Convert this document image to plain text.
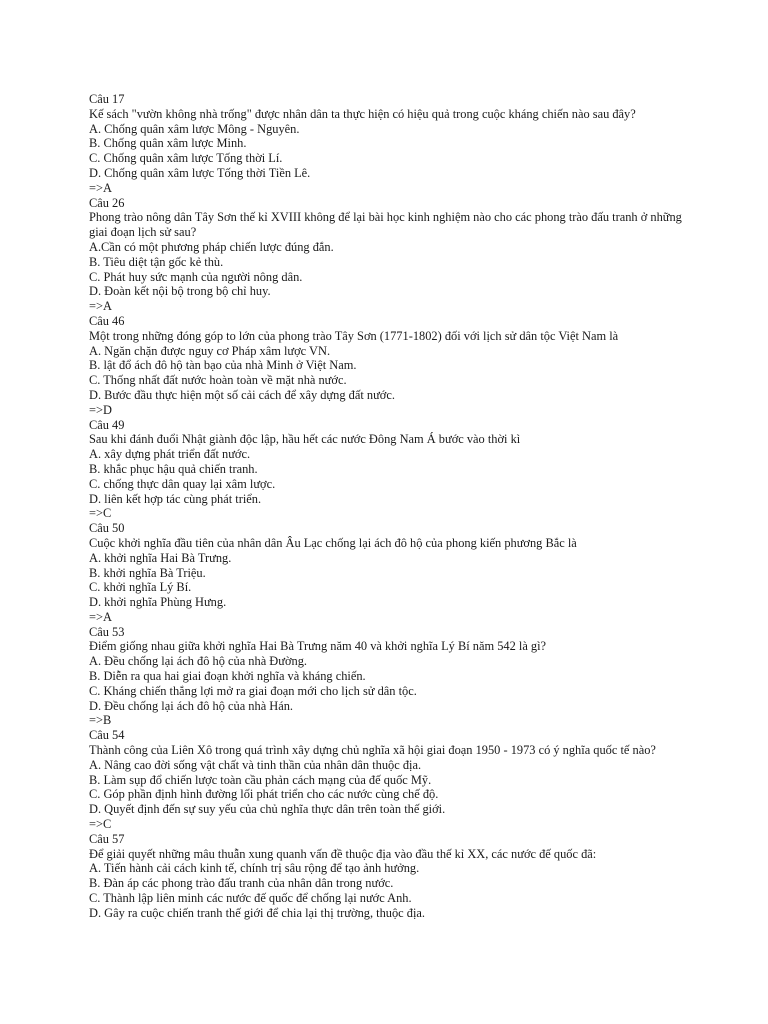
Câu 17
Kế sách "vườn không nhà trống" được nhân dân ta thực hiện có hiệu quả trong cuộc kháng chiến nào sau đây?
A. Chống quân xâm lược Mông - Nguyên.
B. Chống quân xâm lược Minh.
C. Chống quân xâm lược Tống thời Lí.
D. Chống quân xâm lược Tống thời Tiền Lê.
=>A
Câu 26
Phong trào nông dân Tây Sơn thế kỉ XVIII không để lại bài học kinh nghiệm nào cho các phong trào đấu tranh ở những giai đoạn lịch sử sau?
A.Cần có một phương pháp chiến lược đúng đắn.
B. Tiêu diệt tận gốc kẻ thù.
C. Phát huy sức mạnh của người nông dân.
D. Đoàn kết nội bộ trong bộ chỉ huy.
=>A
Câu 46
Một trong những đóng góp to lớn của phong trào Tây Sơn (1771-1802) đối với lịch sử dân tộc Việt Nam là
A. Ngăn chặn được nguy cơ Pháp xâm lược VN.
B. lật đổ ách đô hộ tàn bạo của nhà Minh ở Việt Nam.
C. Thống nhất đất nước hoàn toàn về mặt nhà nước.
D. Bước đầu thực hiện một số cải cách để xây dựng đất nước.
=>D
Câu 49
Sau khi đánh đuổi Nhật giành độc lập, hầu hết các nước Đông Nam Á bước vào thời kì
A. xây dựng phát triển đất nước.
B. khắc phục hậu quả chiến tranh.
C. chống thực dân quay lại xâm lược.
D. liên kết hợp tác cùng phát triển.
=>C
Câu 50
Cuộc khởi nghĩa đầu tiên của nhân dân Âu Lạc chống lại ách đô hộ của phong kiến phương Bắc là
A. khởi nghĩa Hai Bà Trưng.
B. khởi nghĩa Bà Triệu.
C. khởi nghĩa Lý Bí.
D. khởi nghĩa Phùng Hưng.
=>A
Câu 53
Điểm giống nhau giữa khởi nghĩa Hai Bà Trưng năm 40 và khởi nghĩa Lý Bí năm 542 là gì?
A. Đều chống lại ách đô hộ của nhà Đường.
B. Diễn ra qua hai giai đoạn khởi nghĩa và kháng chiến.
C. Kháng chiến thắng lợi mở ra giai đoạn mới cho lịch sử dân tộc.
D. Đều chống lại ách đô hộ của nhà Hán.
=>B
Câu 54
Thành công của Liên Xô trong quá trình xây dựng chủ nghĩa xã hội giai đoạn 1950 - 1973 có ý nghĩa quốc tế nào?
A. Nâng cao đời sống vật chất và tinh thần của nhân dân thuộc địa.
B. Làm sụp đổ chiến lược toàn cầu phản cách mạng của đế quốc Mỹ.
C. Góp phần định hình đường lối phát triển cho các nước cùng chế độ.
D. Quyết định đến sự suy yếu của chủ nghĩa thực dân trên toàn thế giới.
=>C
Câu 57
Để giải quyết những mâu thuẫn xung quanh vấn đề thuộc địa vào đầu thế kỉ XX, các nước đế quốc đã:
A. Tiến hành cải cách kinh tế, chính trị sâu rộng để tạo ảnh hưởng.
B. Đàn áp các phong trào đấu tranh của nhân dân trong nước.
C. Thành lập liên minh các nước đế quốc để chống lại nước Anh.
D. Gây ra cuộc chiến tranh thế giới để chia lại thị trường, thuộc địa.
